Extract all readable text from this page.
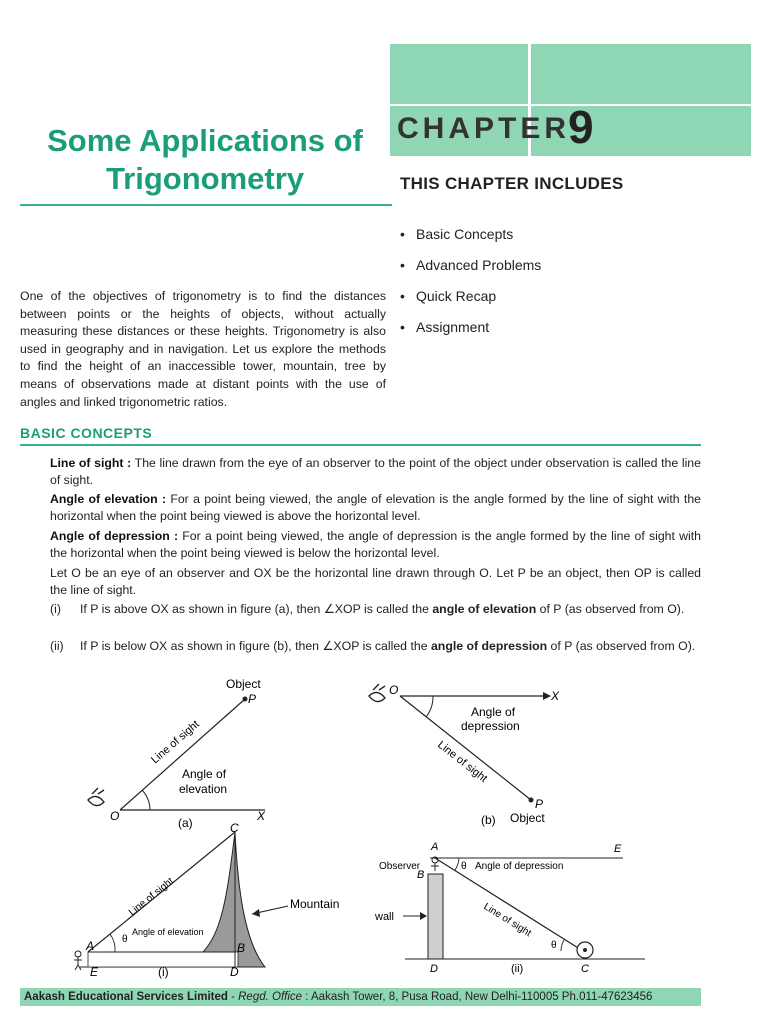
Some Applications of
Trigonometry
CHAPTER
9
THIS CHAPTER INCLUDES
• Basic Concepts
• Advanced Problems
• Quick Recap
• Assignment
One of the objectives of trigonometry is to find the distances between points or the heights of objects, without actually measuring these distances or these heights. Trigonometry is also used in geography and in navigation. Let us explore the methods to find the height of an inaccessible tower, mountain, tree by means of observations made at distant points with the use of angles and linked trigonometric ratios.
BASIC CONCEPTS
Line of sight : The line drawn from the eye of an observer to the point of the object under observation is called the line of sight.
Angle of elevation : For a point being viewed, the angle of elevation is the angle formed by the line of sight with the horizontal when the point being viewed is above the horizontal level.
Angle of depression : For a point being viewed, the angle of depression is the angle formed by the line of sight with the horizontal when the point being viewed is below the horizontal level.
Let O be an eye of an observer and OX be the horizontal line drawn through O. Let P be an object, then OP is called the line of sight.
(i) If P is above OX as shown in figure (a), then ∠XOP is called the angle of elevation of P (as observed from O).
(ii) If P is below OX as shown in figure (b), then ∠XOP is called the angle of depression of P (as observed from O).
Object
P
Line of sight
Angle of
elevation
O	X
(a)
O	X
Angle of
depression
Line of sight
P
(b) Object
C
Mountain
Line of sight
θ
Angle of elevation
A	B
E	(i)	D
A	E
Observer
B
θ Angle of depression
wall	Line of sight
θ
D	(ii)	C
Aakash Educational Services Limited - Regd. Office : Aakash Tower, 8, Pusa Road, New Delhi-110005 Ph.011-47623456
